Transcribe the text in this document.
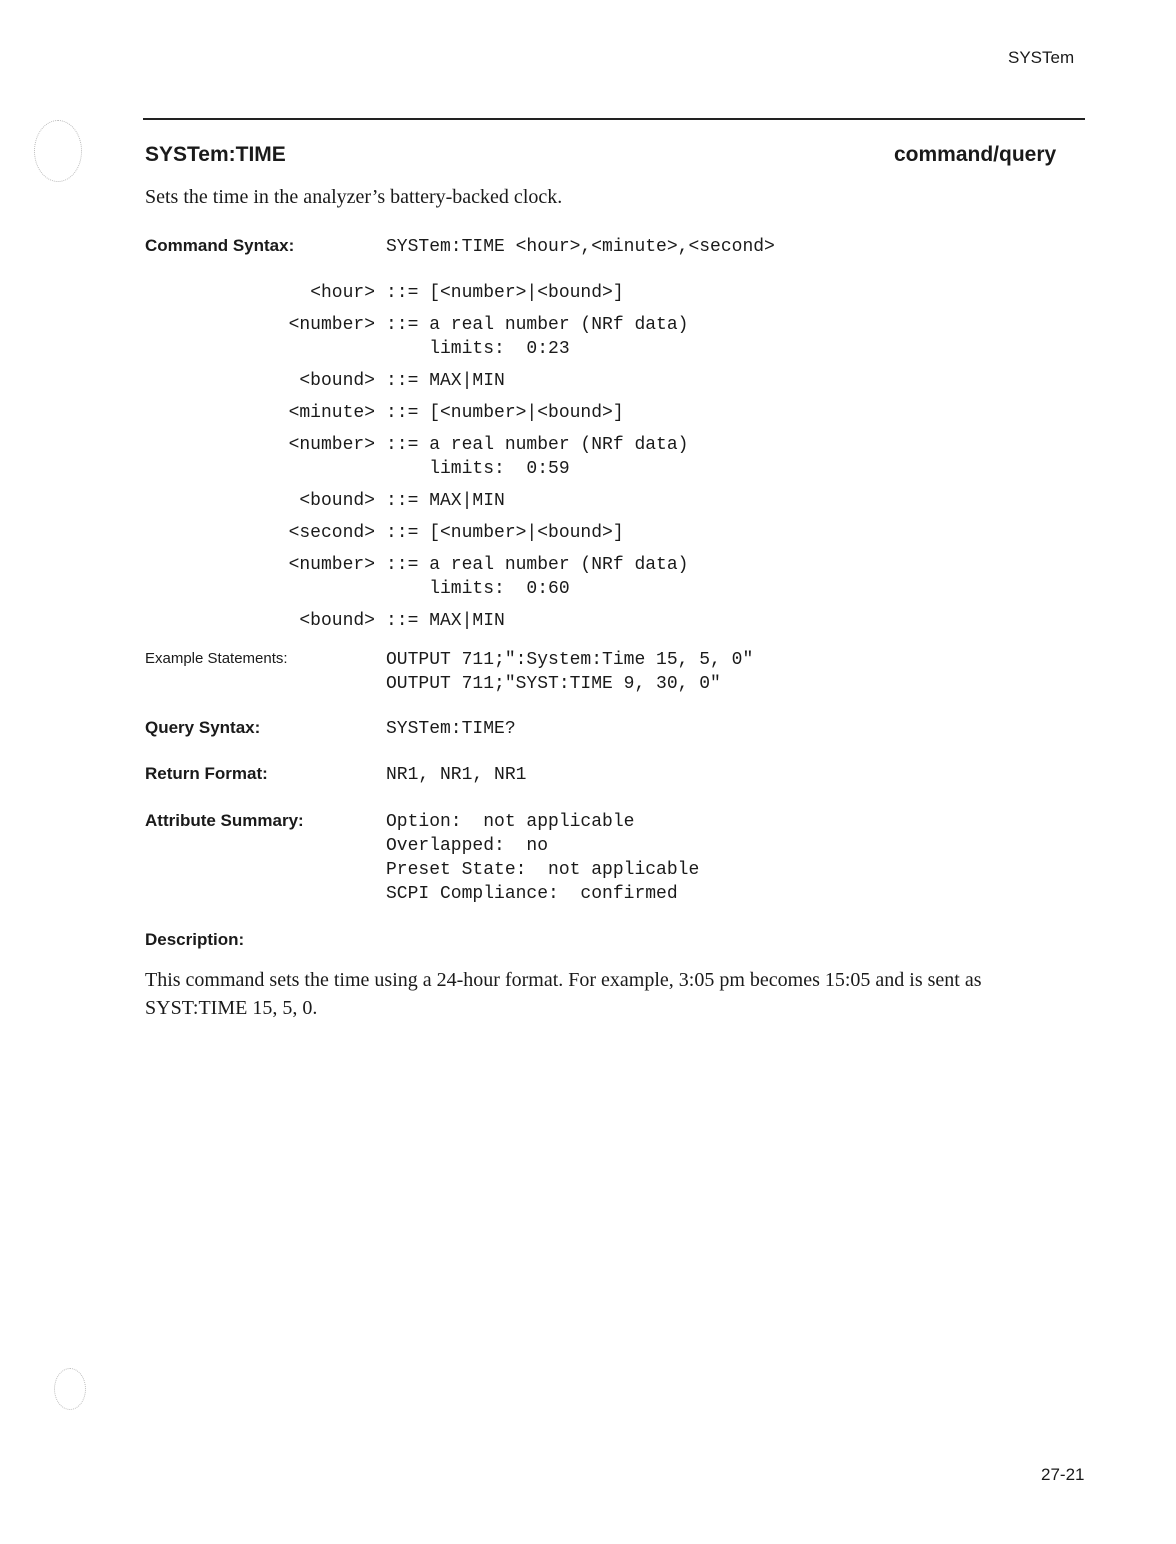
SYSTem
SYSTem:TIME	command/query
Sets the time in the analyzer’s battery-backed clock.
Command Syntax:	SYSTem:TIME <hour>,<minute>,<second>
<hour> ::= [<number>|<bound>]
<number> ::= a real number (NRf data)
limits:  0:23
<bound> ::= MAX|MIN
<minute> ::= [<number>|<bound>]
<number> ::= a real number (NRf data)
limits:  0:59
<bound> ::= MAX|MIN
<second> ::= [<number>|<bound>]
<number> ::= a real number (NRf data)
limits:  0:60
<bound> ::= MAX|MIN
Example Statements:	OUTPUT 711;":System:Time 15, 5, 0"
OUTPUT 711;"SYST:TIME 9, 30, 0"
Query Syntax:	SYSTem:TIME?
Return Format:	NR1, NR1, NR1
Attribute Summary:	Option:  not applicable
Overlapped:  no
Preset State:  not applicable
SCPI Compliance:  confirmed
Description:
This command sets the time using a 24-hour format. For example, 3:05 pm becomes 15:05 and is sent as SYST:TIME 15, 5, 0.
27-21
